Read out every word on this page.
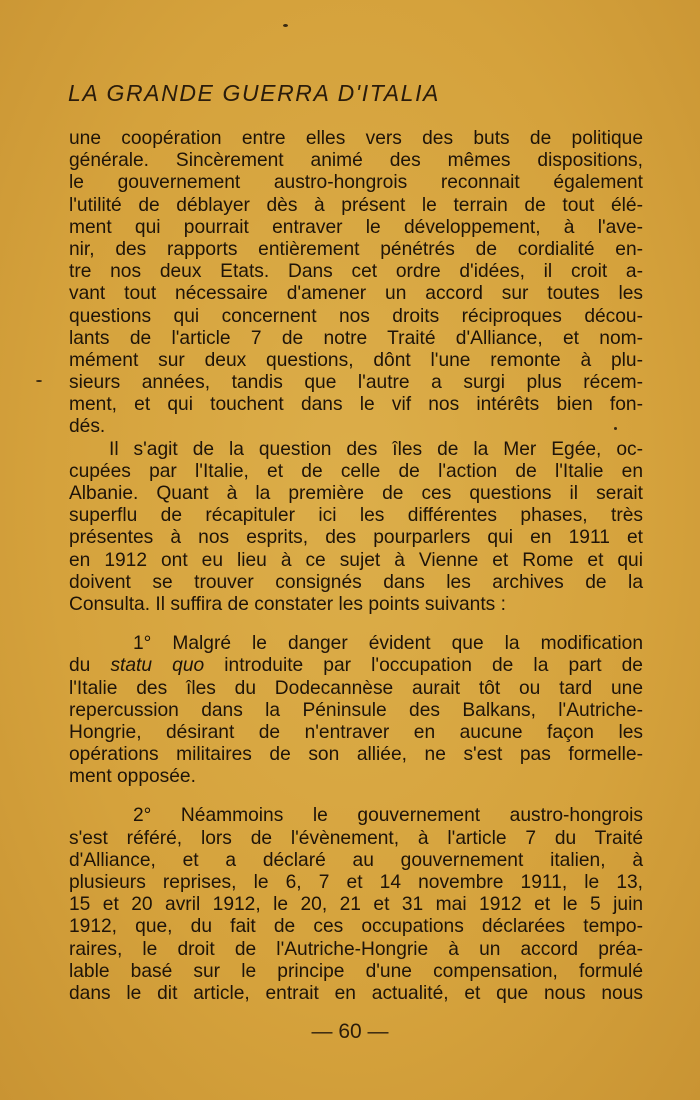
LA GRANDE GUERRA D'ITALIA
une coopération entre elles vers des buts de politique
générale. Sincèrement animé des mêmes dispositions,
le gouvernement austro-hongrois reconnait également
l'utilité de déblayer dès à présent le terrain de tout élé-
ment qui pourrait entraver le développement, à l'ave-
nir, des rapports entièrement pénétrés de cordialité en-
tre nos deux Etats. Dans cet ordre d'idées, il croit a-
vant tout nécessaire d'amener un accord sur toutes les
questions qui concernent nos droits réciproques décou-
lants de l'article 7 de notre Traité d'Alliance, et nom-
mément sur deux questions, dônt l'une remonte à plu-
sieurs années, tandis que l'autre a surgi plus récem-
ment, et qui touchent dans le vif nos intérêts bien fon-
dés.
Il s'agit de la question des îles de la Mer Egée, oc-
cupées par l'Italie, et de celle de l'action de l'Italie en
Albanie. Quant à la première de ces questions il serait
superflu de récapituler ici les différentes phases, très
présentes à nos esprits, des pourparlers qui en 1911 et
en 1912 ont eu lieu à ce sujet à Vienne et Rome et qui
doivent se trouver consignés dans les archives de la
Consulta. Il suffira de constater les points suivants :
1° Malgré le danger évident que la modification
du statu quo introduite par l'occupation de la part de
l'Italie des îles du Dodecannèse aurait tôt ou tard une
repercussion dans la Péninsule des Balkans, l'Autriche-
Hongrie, désirant de n'entraver en aucune façon les
opérations militaires de son alliée, ne s'est pas formelle-
ment opposée.
2° Néammoins le gouvernement austro-hongrois
s'est référé, lors de l'évènement, à l'article 7 du Traité
d'Alliance, et a déclaré au gouvernement italien, à
plusieurs reprises, le 6, 7 et 14 novembre 1911, le 13,
15 et 20 avril 1912, le 20, 21 et 31 mai 1912 et le 5 juin
1912, que, du fait de ces occupations déclarées tempo-
raires, le droit de l'Autriche-Hongrie à un accord préa-
lable basé sur le principe d'une compensation, formulé
dans le dit article, entrait en actualité, et que nous nous
— 60 —
